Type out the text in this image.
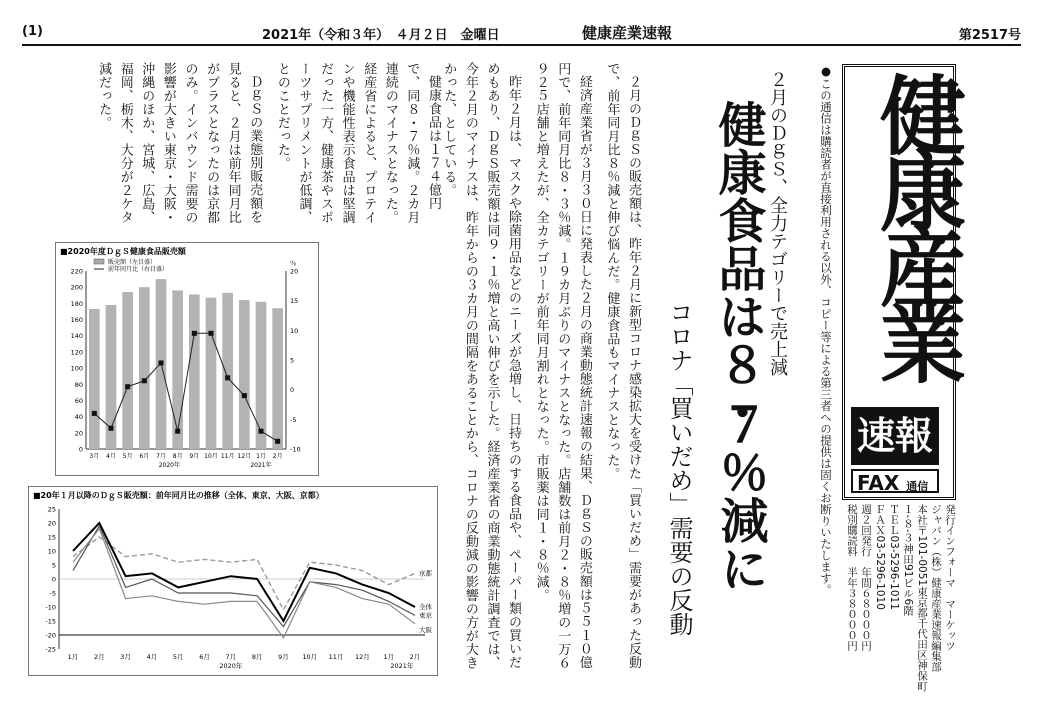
(1)	2021年（令和３年）　４月２日　金曜日	健康産業速報	第2517号
健康産業
速報
FAX 通信
●この通信は購読者が直接利用される以外、コピー等による第三者への提供は固くお断りいたします。	発行インフォーマ　マーケッツ
ジャパン（株）健康産業速報編集部
本社〒101-0051東京都千代田区神保町
１-８-３神田91ビル6階
ＴＥＬ03-5296-1011
ＦＡＸ03-5296-1010
週２回発行　年間６８０００円
税別購読料　半年３８０００円
２月のＤｇＳ、全力テゴリーで売上減
健康食品は８・
コロナ「買いだめ」需要の反動 ７％減に

２月のＤｇＳの販売額は、昨年２月に新型コロナ感染拡大を受けた「買いだめ」需要があった反動で、前年同月比８％減と伸び悩んだ。健康食品もマイナスとなった。

経済産業省が３月３０日に発表した２月の商業動態統計速報の結果、ＤｇＳの販売額は５５１０億円で、前年同月比８・３％減。１９カ月ぶりのマイナスとなった。店舗数は前月２・８％増の一万６９２５店舗と増えたが、全カテゴリーが前年同月割れとなった。市販薬は同１・８％減。

昨年２月は、マスクや除菌用品などのニーズが急増し、日持ちのする食品や、ペーパー類の買いだめもあり、ＤｇＳ販売額は同９・１％増と高い伸びを示した。経済産業省の商業動態統計調査では、今年２月のマイナスは、昨年からの３カ月の間隔をあることから、コロナの反動減の影響の方が大きかった、としている。

健康食品は１７４億円で、同８・７％減。２カ月連続のマイナスとなった。経産省によると、プロテインや機能性表示食品は堅調だった一方、健康茶やスポーツサプリメントが低調、とのことだった。

ＤｇＳの業態別販売額を見ると、２月は前年同月比がプラスとなったのは京都のみ。インバウンド需要の影響が大きい東京・大阪・沖縄のほか、宮城、広島、福岡、栃木、大分が２ケタ減だった。

■2020年度ＤｇＳ健康食品販売額
販売額（左目盛）
前年同月比（右目盛）
220
200
180
160
140
120
100
80
60
40
20
0
20
15
10
5
0
-5
-10
％
3月 4月 5月 6月 7月 8月 9月 10月 11月 12月 1月 2月
2020年	2021年
■20年１月以降のＤｇＳ販売額：前年同月比の推移（全体、東京、大阪、京都）
25
20
15
10
5
0
-5
-10
-15
-20
-25
京都
全体
東京
大阪
1月 2月 3月 4月 5月 6月 7月 8月 9月 10月 11月 12月 1月 2月
2020年	2021年
